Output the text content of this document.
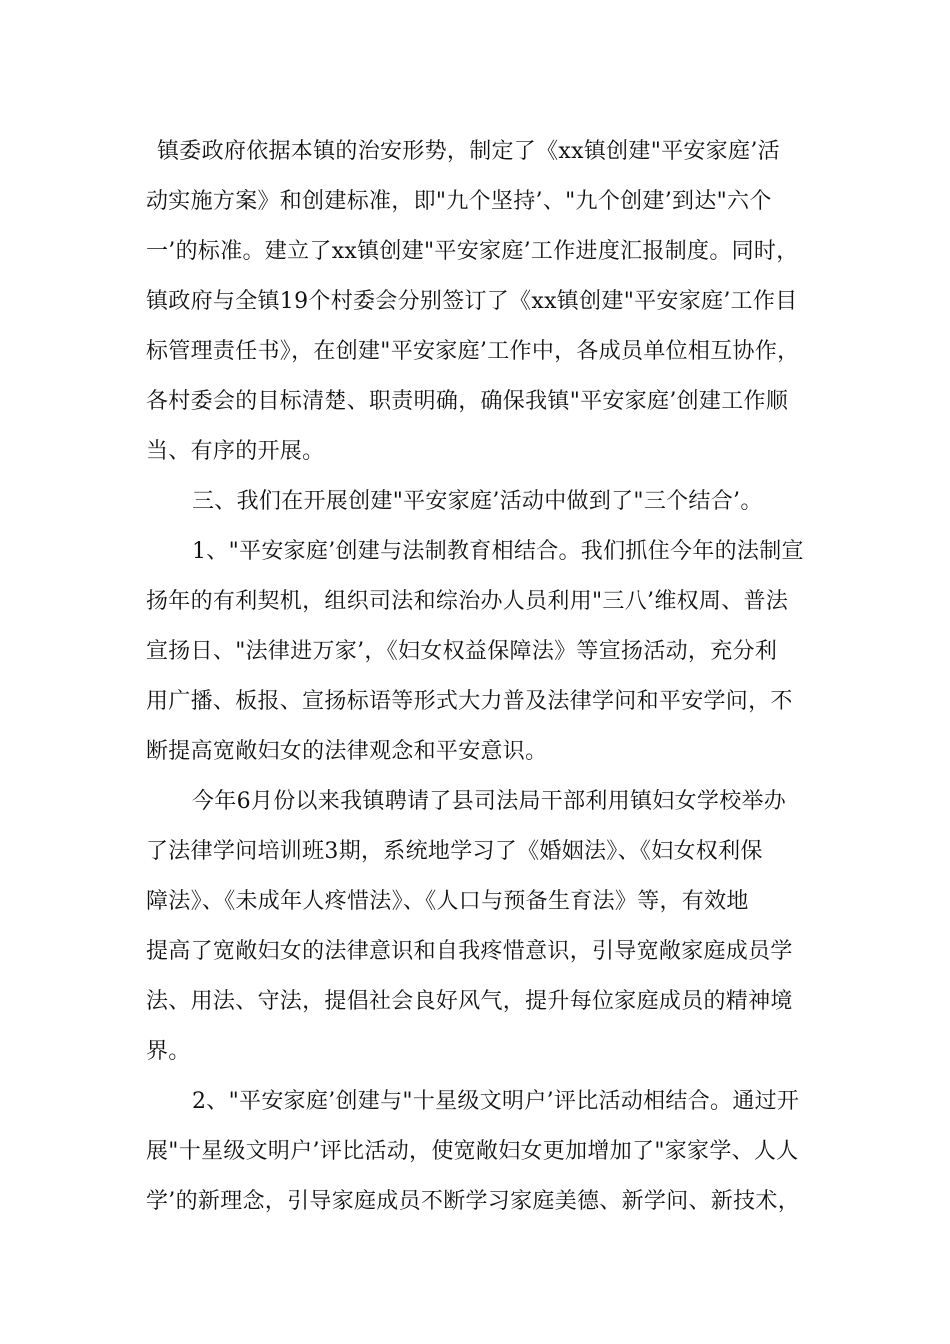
镇委政府依据本镇的治安形势，制定了《xx镇创建"平安家庭’活
动实施方案》和创建标准，即"九个坚持’、"九个创建’到达"六个
一’的标准。建立了xx镇创建"平安家庭’工作进度汇报制度。同时，
镇政府与全镇19个村委会分别签订了《xx镇创建"平安家庭’工作目
标管理责任书》，在创建"平安家庭’工作中，各成员单位相互协作，
各村委会的目标清楚、职责明确，确保我镇"平安家庭’创建工作顺
当、有序的开展。
三、我们在开展创建"平安家庭’活动中做到了"三个结合’。
1、"平安家庭’创建与法制教育相结合。我们抓住今年的法制宣
扬年的有利契机，组织司法和综治办人员利用"三八’维权周、普法
宣扬日、"法律进万家’，《妇女权益保障法》等宣扬活动，充分利
用广播、板报、宣扬标语等形式大力普及法律学问和平安学问，不
断提高宽敞妇女的法律观念和平安意识。
今年6月份以来我镇聘请了县司法局干部利用镇妇女学校举办
了法律学问培训班3期，系统地学习了《婚姻法》、《妇女权利保
障法》、《未成年人疼惜法》、《人口与预备生育法》等，有效地
提高了宽敞妇女的法律意识和自我疼惜意识，引导宽敞家庭成员学
法、用法、守法，提倡社会良好风气，提升每位家庭成员的精神境
界。
2、"平安家庭’创建与"十星级文明户’评比活动相结合。通过开
展"十星级文明户’评比活动，使宽敞妇女更加增加了"家家学、人人
学’的新理念，引导家庭成员不断学习家庭美德、新学问、新技术，
